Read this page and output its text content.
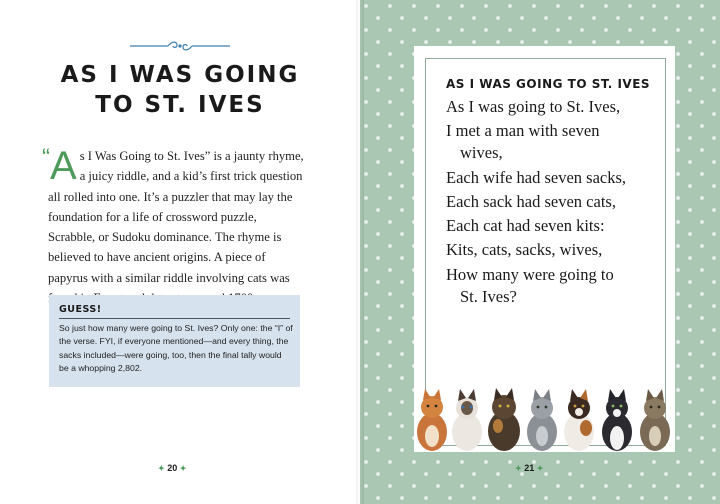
AS I WAS GOING
TO ST. IVES
“A s I Was Going to St. Ives” is a jaunty rhyme, a juicy riddle, and a kid’s first trick question all rolled into one. It’s a puzzler that may lay the foundation for a life of crossword puzzle, Scrabble, or Sudoku dominance. The rhyme is believed to have ancient origins. A piece of papyrus with a similar riddle involving cats was
GUESS!
So just how many were going to St. Ives? Only one: the “I” of the verse. FYI, if everyone mentioned—and every thing, the sacks included—were going, too, then the final tally would be a whopping 2,802.
✦ 20 ✦
AS I WAS GOING TO ST. IVES
As I was going to St. Ives,
I met a man with seven
wives,
Each wife had seven sacks,
Each sack had seven cats,
Each cat had seven kits:
Kits, cats, sacks, wives,
How many were going to
St. Ives?
✦ 21 ✦
